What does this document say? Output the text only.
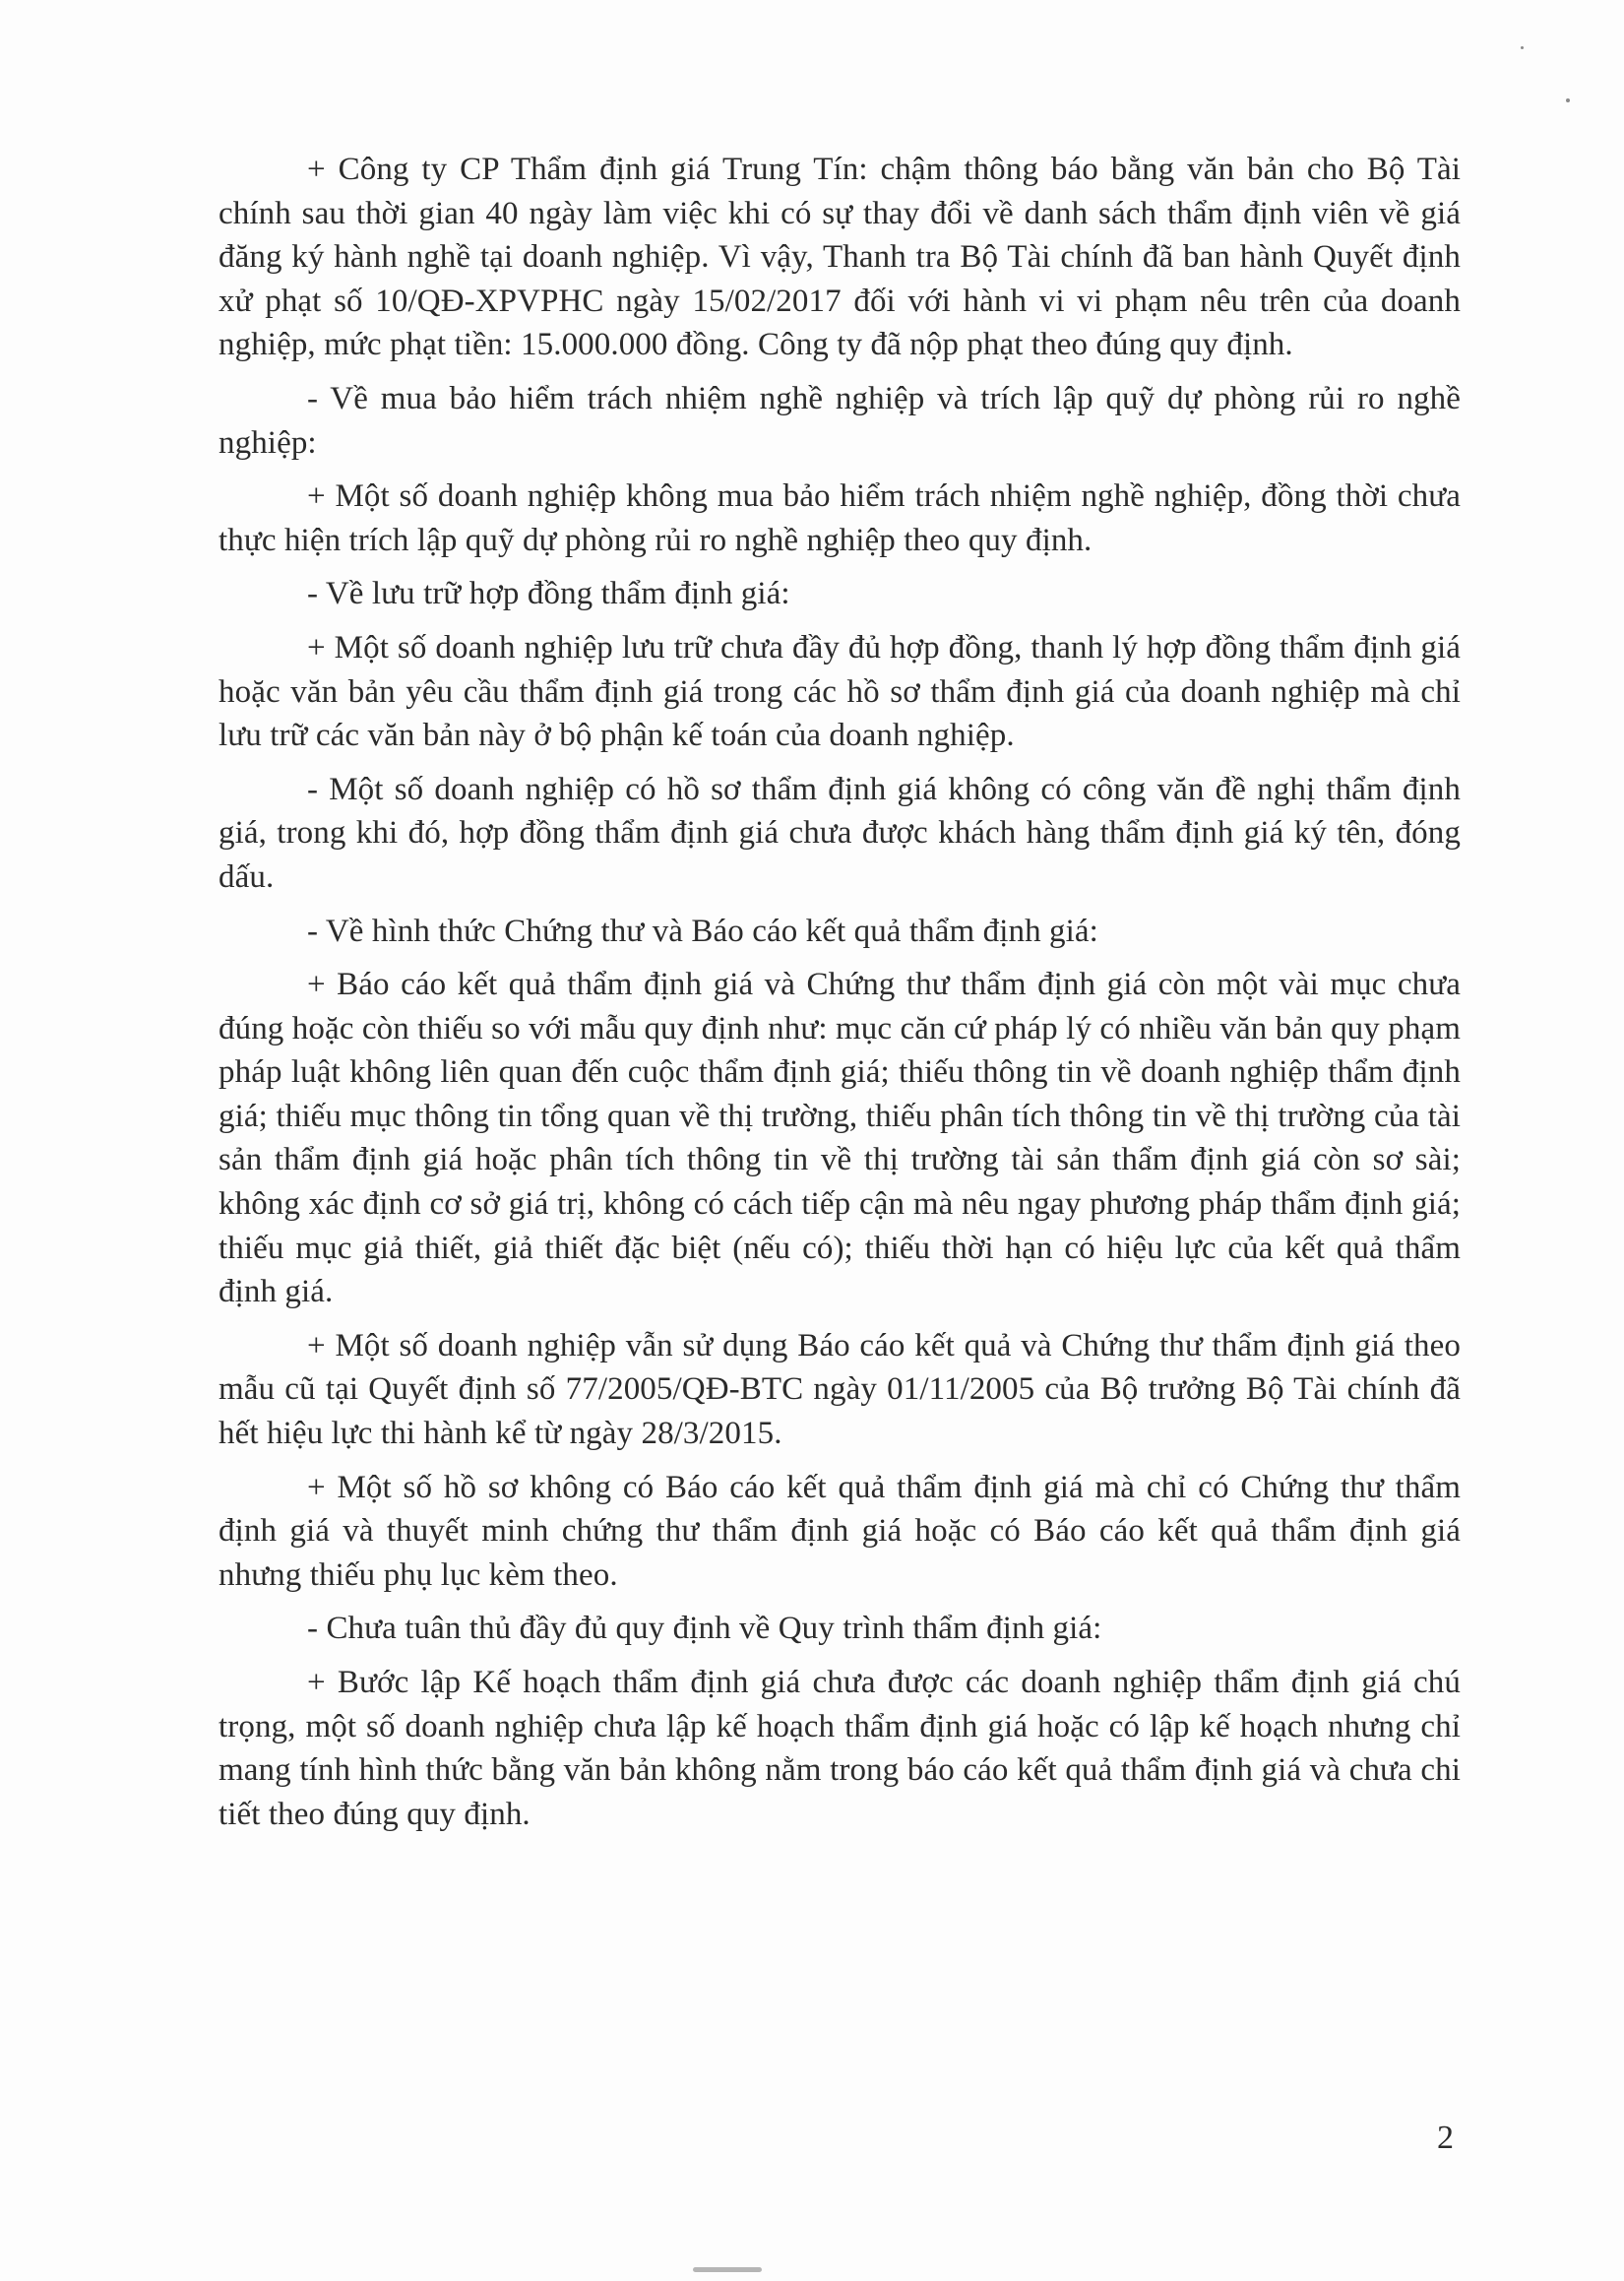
+ Công ty CP Thẩm định giá Trung Tín: chậm thông báo bằng văn bản cho Bộ Tài chính sau thời gian 40 ngày làm việc khi có sự thay đổi về danh sách thẩm định viên về giá đăng ký hành nghề tại doanh nghiệp. Vì vậy, Thanh tra Bộ Tài chính đã ban hành Quyết định xử phạt số 10/QĐ-XPVPHC ngày 15/02/2017 đối với hành vi vi phạm nêu trên của doanh nghiệp, mức phạt tiền: 15.000.000 đồng. Công ty đã nộp phạt theo đúng quy định.

- Về mua bảo hiểm trách nhiệm nghề nghiệp và trích lập quỹ dự phòng rủi ro nghề nghiệp:

+ Một số doanh nghiệp không mua bảo hiểm trách nhiệm nghề nghiệp, đồng thời chưa thực hiện trích lập quỹ dự phòng rủi ro nghề nghiệp theo quy định.

- Về lưu trữ hợp đồng thẩm định giá:

+ Một số doanh nghiệp lưu trữ chưa đầy đủ hợp đồng, thanh lý hợp đồng thẩm định giá hoặc văn bản yêu cầu thẩm định giá trong các hồ sơ thẩm định giá của doanh nghiệp mà chỉ lưu trữ các văn bản này ở bộ phận kế toán của doanh nghiệp.

- Một số doanh nghiệp có hồ sơ thẩm định giá không có công văn đề nghị thẩm định giá, trong khi đó, hợp đồng thẩm định giá chưa được khách hàng thẩm định giá ký tên, đóng dấu.

- Về hình thức Chứng thư và Báo cáo kết quả thẩm định giá:

+ Báo cáo kết quả thẩm định giá và Chứng thư thẩm định giá còn một vài mục chưa đúng hoặc còn thiếu so với mẫu quy định như: mục căn cứ pháp lý có nhiều văn bản quy phạm pháp luật không liên quan đến cuộc thẩm định giá; thiếu thông tin về doanh nghiệp thẩm định giá; thiếu mục thông tin tổng quan về thị trường, thiếu phân tích thông tin về thị trường của tài sản thẩm định giá hoặc phân tích thông tin về thị trường tài sản thẩm định giá còn sơ sài; không xác định cơ sở giá trị, không có cách tiếp cận mà nêu ngay phương pháp thẩm định giá; thiếu mục giả thiết, giả thiết đặc biệt (nếu có); thiếu thời hạn có hiệu lực của kết quả thẩm định giá.

+ Một số doanh nghiệp vẫn sử dụng Báo cáo kết quả và Chứng thư thẩm định giá theo mẫu cũ tại Quyết định số 77/2005/QĐ-BTC ngày 01/11/2005 của Bộ trưởng Bộ Tài chính đã hết hiệu lực thi hành kể từ ngày 28/3/2015.

+ Một số hồ sơ không có Báo cáo kết quả thẩm định giá mà chỉ có Chứng thư thẩm định giá và thuyết minh chứng thư thẩm định giá hoặc có Báo cáo kết quả thẩm định giá nhưng thiếu phụ lục kèm theo.

- Chưa tuân thủ đầy đủ quy định về Quy trình thẩm định giá:

+ Bước lập Kế hoạch thẩm định giá chưa được các doanh nghiệp thẩm định giá chú trọng, một số doanh nghiệp chưa lập kế hoạch thẩm định giá hoặc có lập kế hoạch nhưng chỉ mang tính hình thức bằng văn bản không nằm trong báo cáo kết quả thẩm định giá và chưa chi tiết theo đúng quy định.

2
